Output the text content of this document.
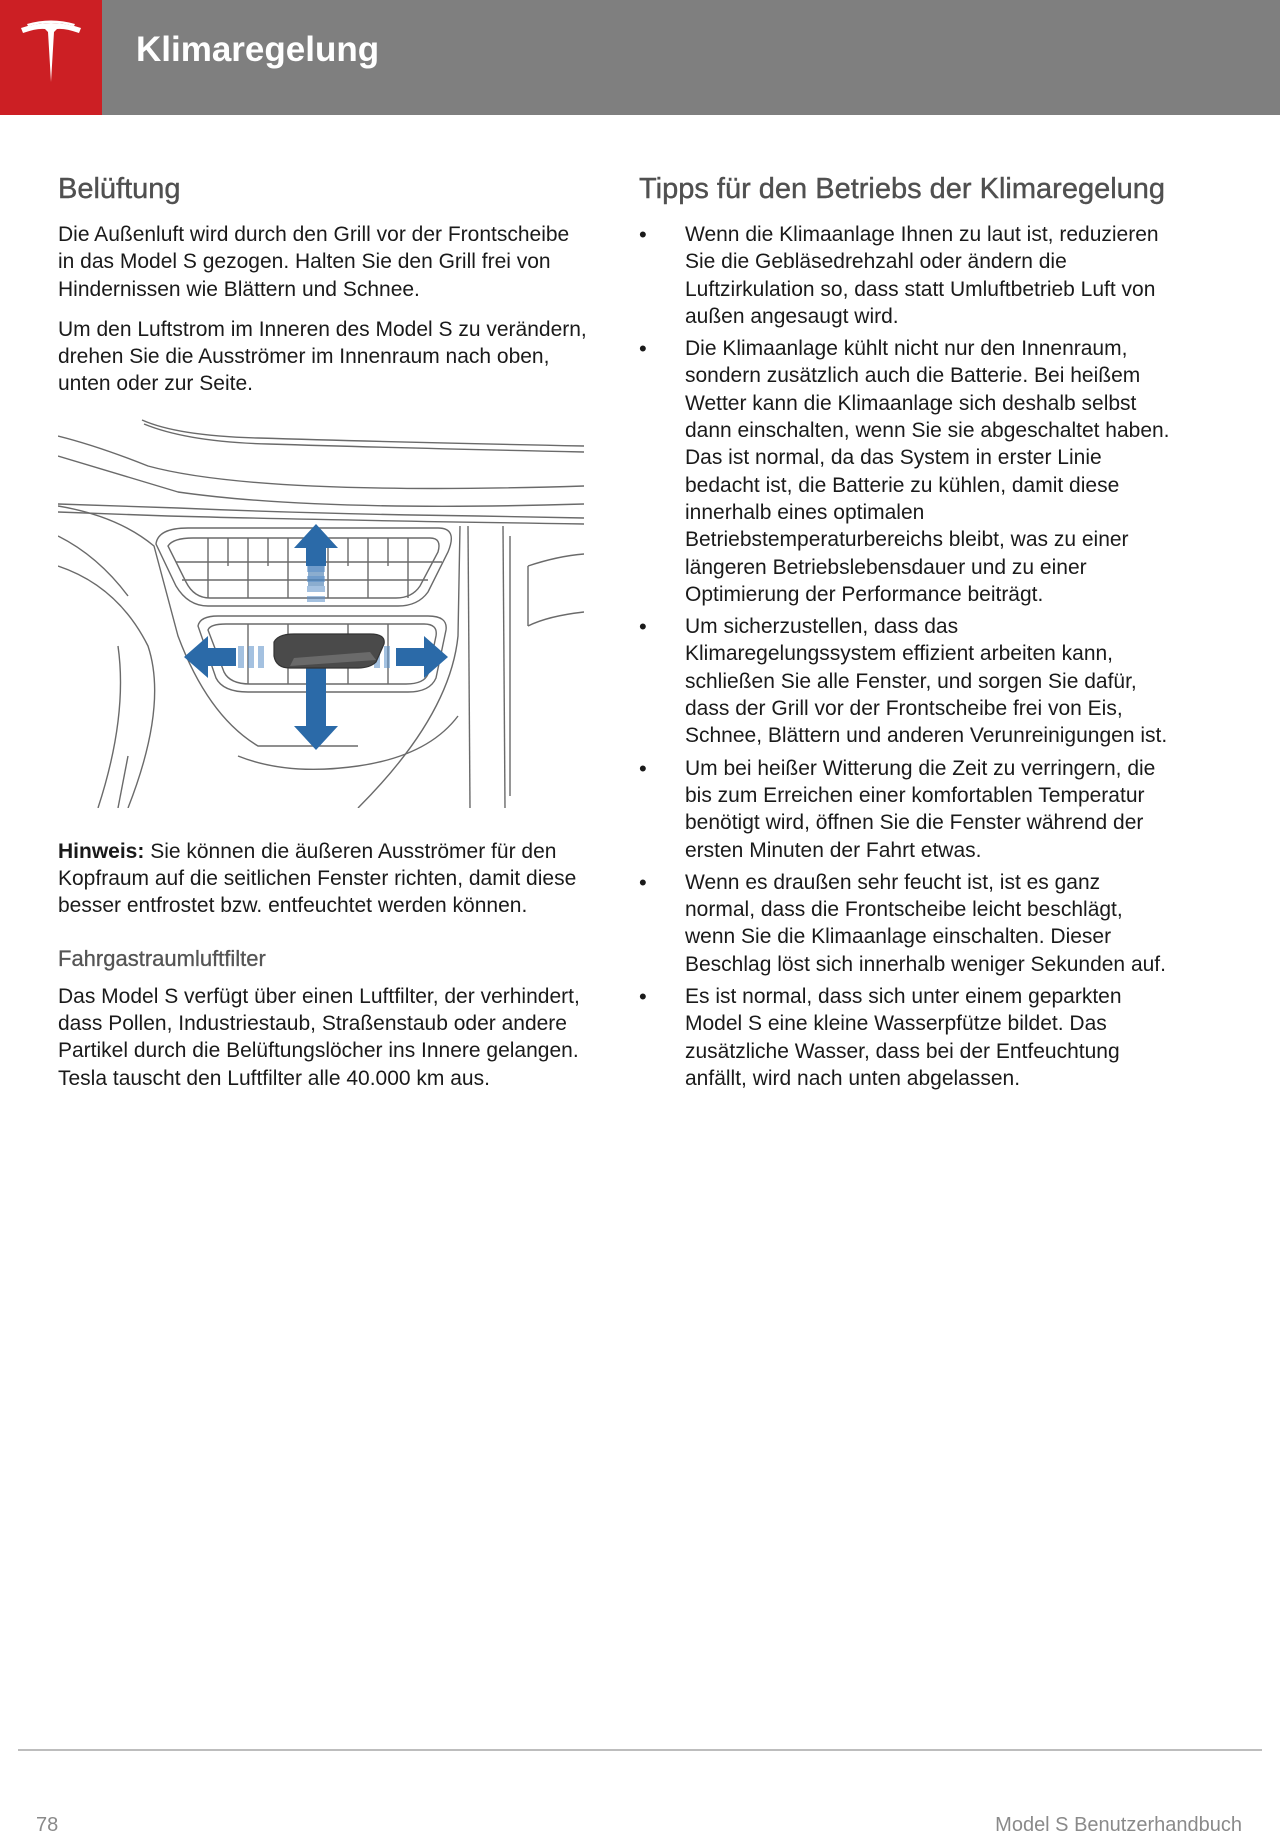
Klimaregelung
Belüftung

Die Außenluft wird durch den Grill vor der Frontscheibe in das Model S gezogen. Halten Sie den Grill frei von Hindernissen wie Blättern und Schnee.

Um den Luftstrom im Inneren des Model S zu verändern, drehen Sie die Ausströmer im Innenraum nach oben, unten oder zur Seite.

Hinweis: Sie können die äußeren Ausströmer für den Kopfraum auf die seitlichen Fenster richten, damit diese besser entfrostet bzw. entfeuchtet werden können.

Fahrgastraumluftfilter

Das Model S verfügt über einen Luftfilter, der verhindert, dass Pollen, Industriestaub, Straßenstaub oder andere Partikel durch die Belüftungslöcher ins Innere gelangen. Tesla tauscht den Luftfilter alle 40.000 km aus.

Tipps für den Betriebs der Klimaregelung
• Wenn die Klimaanlage Ihnen zu laut ist, reduzieren Sie die Gebläsedrehzahl oder ändern die Luftzirkulation so, dass statt Umluftbetrieb Luft von außen angesaugt wird.
• Die Klimaanlage kühlt nicht nur den Innenraum, sondern zusätzlich auch die Batterie. Bei heißem Wetter kann die Klimaanlage sich deshalb selbst dann einschalten, wenn Sie sie abgeschaltet haben. Das ist normal, da das System in erster Linie bedacht ist, die Batterie zu kühlen, damit diese innerhalb eines optimalen Betriebstemperaturbereichs bleibt, was zu einer längeren Betriebslebensdauer und zu einer Optimierung der Performance beiträgt.
• Um sicherzustellen, dass das Klimaregelungssystem effizient arbeiten kann, schließen Sie alle Fenster, und sorgen Sie dafür, dass der Grill vor der Frontscheibe frei von Eis, Schnee, Blättern und anderen Verunreinigungen ist.
• Um bei heißer Witterung die Zeit zu verringern, die bis zum Erreichen einer komfortablen Temperatur benötigt wird, öffnen Sie die Fenster während der ersten Minuten der Fahrt etwas.
• Wenn es draußen sehr feucht ist, ist es ganz normal, dass die Frontscheibe leicht beschlägt, wenn Sie die Klimaanlage einschalten. Dieser Beschlag löst sich innerhalb weniger Sekunden auf.
• Es ist normal, dass sich unter einem geparkten Model S eine kleine Wasserpfütze bildet. Das zusätzliche Wasser, dass bei der Entfeuchtung anfällt, wird nach unten abgelassen.
78	Model S Benutzerhandbuch
